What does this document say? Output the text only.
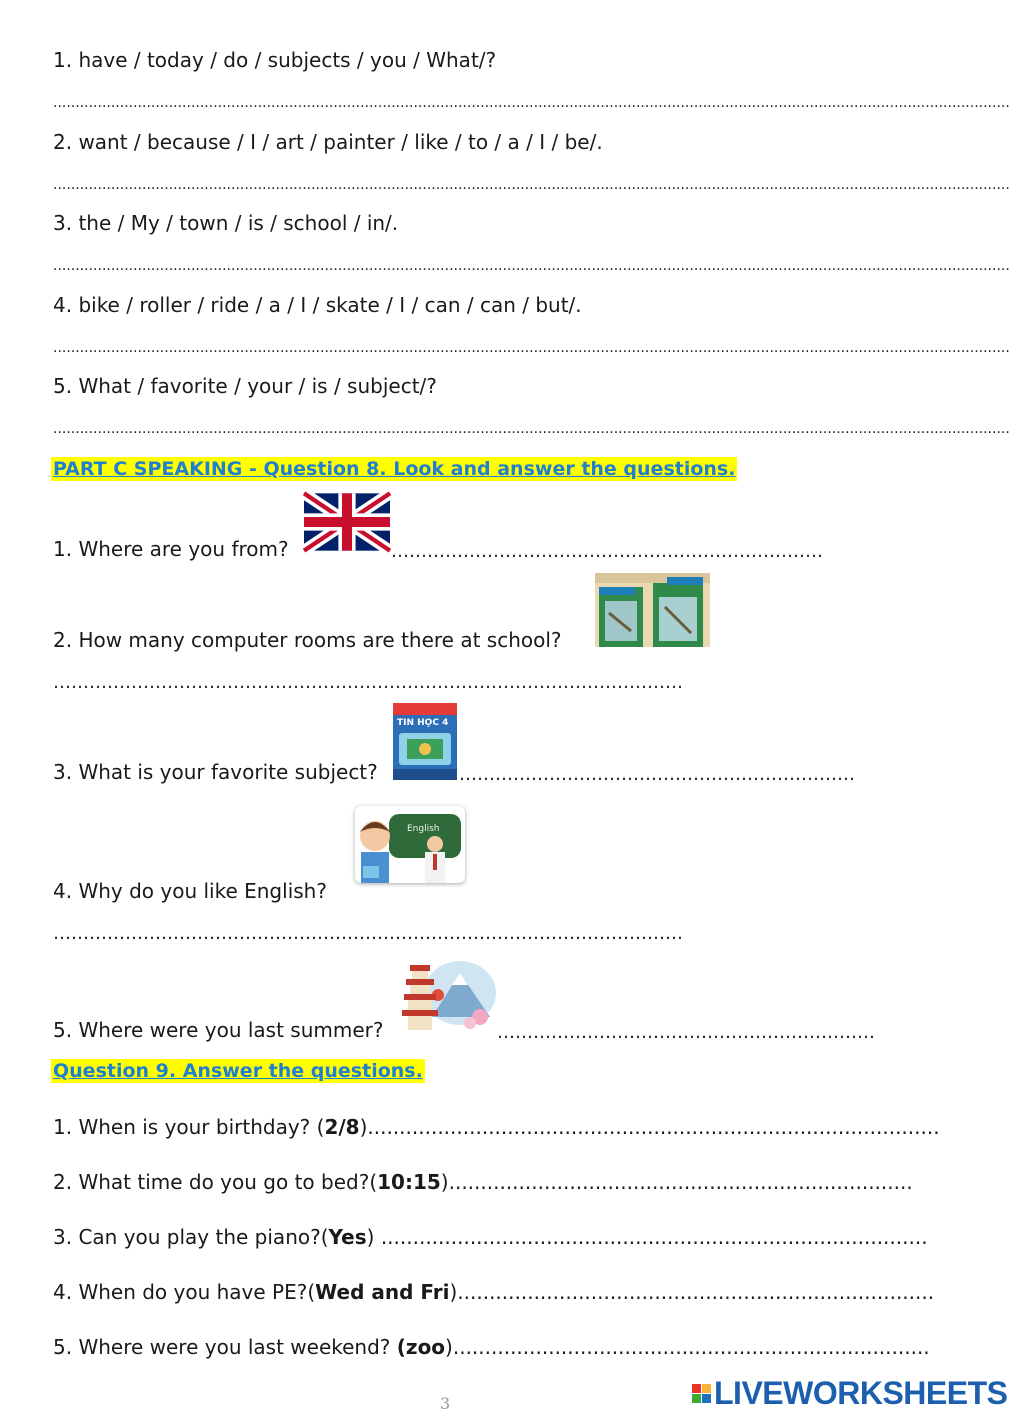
1. have / today / do / subjects / you / What/?
.......................................................................................................................................................................................................................
2. want / because / I / art / painter / like / to / a / I / be/.
.......................................................................................................................................................................................................................
3. the / My / town / is / school / in/.
.......................................................................................................................................................................................................................
4. bike / roller / ride / a / I / skate / I / can / can / but/.
.......................................................................................................................................................................................................................
5. What / favorite / your / is / subject/?
.......................................................................................................................................................................................................................
PART C SPEAKING - Question 8. Look and answer the questions.
1. Where are you from?	………………………………………………………………
2. How many computer rooms are there at school?
……………………………………………………………………………………………
3. What is your favorite subject?
TIN HỌC 4
…………………………………………………………
4. Why do you like English?
English
……………………………………………………………………………………………
5. Where were you last summer?	………………………………………………………
Question 9. Answer the questions.
1. When is your birthday? (2/8)..........................................................................................
2. What time do you go to bed?(10:15).........................................................................
3. Can you play the piano?(Yes) ......................................................................................
4. When do you have PE?(Wed and Fri)...........................................................................
5. Where were you last weekend? (zoo)...........................................................................
3	LIVEWORKSHEETS
